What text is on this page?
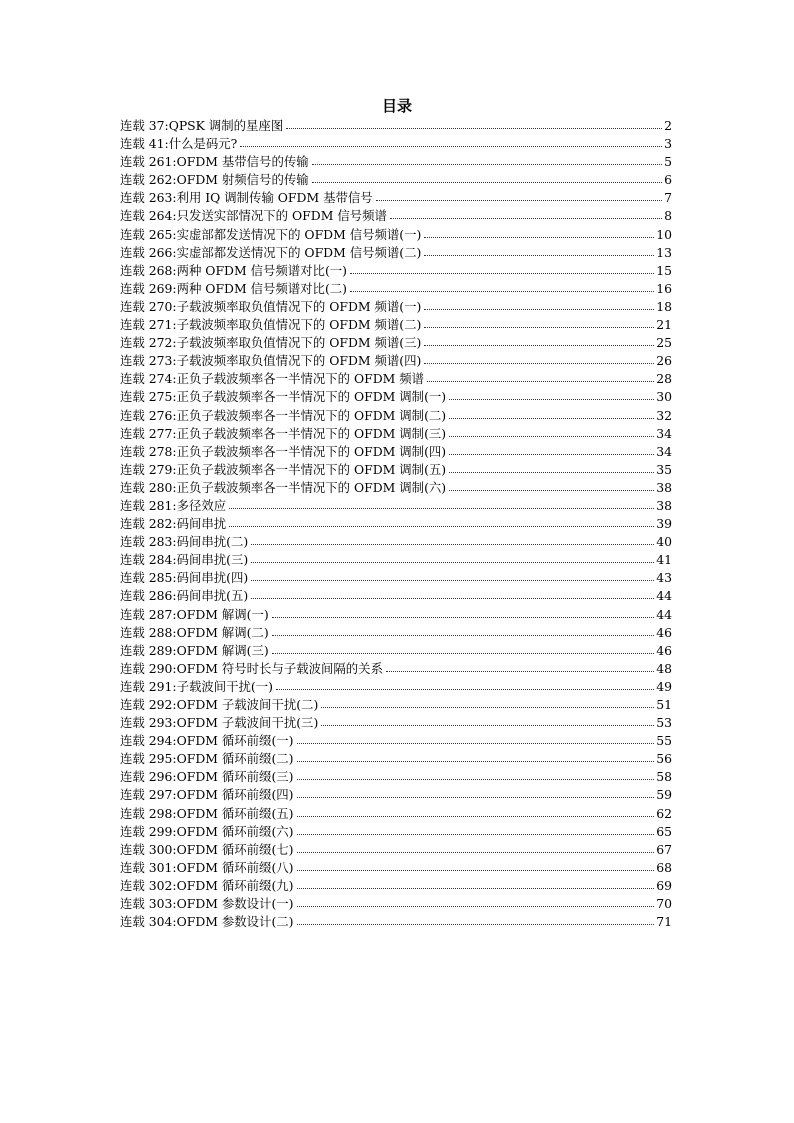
目录
连载 37 : QPSK 调制的星座图	2
连载 41 : 什么是码元?	3
连载 261 : OFDM 基带信号的传输	5
连载 262 : OFDM 射频信号的传输	6
连载 263 : 利用 IQ 调制传输 OFDM 基带信号	7
连载 264 : 只发送实部情况下的 OFDM 信号频谱	8
连载 265 : 实虚部都发送情况下的 OFDM 信号频谱(一)	10
连载 266 : 实虚部都发送情况下的 OFDM 信号频谱(二)	13
连载 268 : 两种 OFDM 信号频谱对比(一)	15
连载 269 : 两种 OFDM 信号频谱对比(二)	16
连载 270 : 子载波频率取负值情况下的 OFDM 频谱(一)	18
连载 271 : 子载波频率取负值情况下的 OFDM 频谱(二)	21
连载 272 : 子载波频率取负值情况下的 OFDM 频谱(三)	25
连载 273 : 子载波频率取负值情况下的 OFDM 频谱(四)	26
连载 274 : 正负子载波频率各一半情况下的 OFDM 频谱	28
连载 275 : 正负子载波频率各一半情况下的 OFDM 调制(一)	30
连载 276 : 正负子载波频率各一半情况下的 OFDM 调制(二)	32
连载 277 : 正负子载波频率各一半情况下的 OFDM 调制(三)	34
连载 278 : 正负子载波频率各一半情况下的 OFDM 调制(四)	34
连载 279 : 正负子载波频率各一半情况下的 OFDM 调制(五)	35
连载 280 : 正负子载波频率各一半情况下的 OFDM 调制(六)	38
连载 281 : 多径效应	38
连载 282 : 码间串扰	39
连载 283 : 码间串扰(二)	40
连载 284 : 码间串扰(三)	41
连载 285 : 码间串扰(四)	43
连载 286 : 码间串扰(五)	44
连载 287 : OFDM 解调(一)	44
连载 288 : OFDM 解调(二)	46
连载 289 : OFDM 解调(三)	46
连载 290 : OFDM 符号时长与子载波间隔的关系	48
连载 291 : 子载波间干扰(一)	49
连载 292 : OFDM 子载波间干扰(二)	51
连载 293 : OFDM 子载波间干扰(三)	53
连载 294 : OFDM 循环前缀(一)	55
连载 295 : OFDM 循环前缀(二)	56
连载 296 : OFDM 循环前缀(三)	58
连载 297 : OFDM 循环前缀(四)	59
连载 298 : OFDM 循环前缀(五)	62
连载 299 : OFDM 循环前缀(六)	65
连载 300 : OFDM 循环前缀(七)	67
连载 301 : OFDM 循环前缀(八)	68
连载 302 : OFDM 循环前缀(九)	69
连载 303 : OFDM 参数设计(一)	70
连载 304 : OFDM 参数设计(二)	71
